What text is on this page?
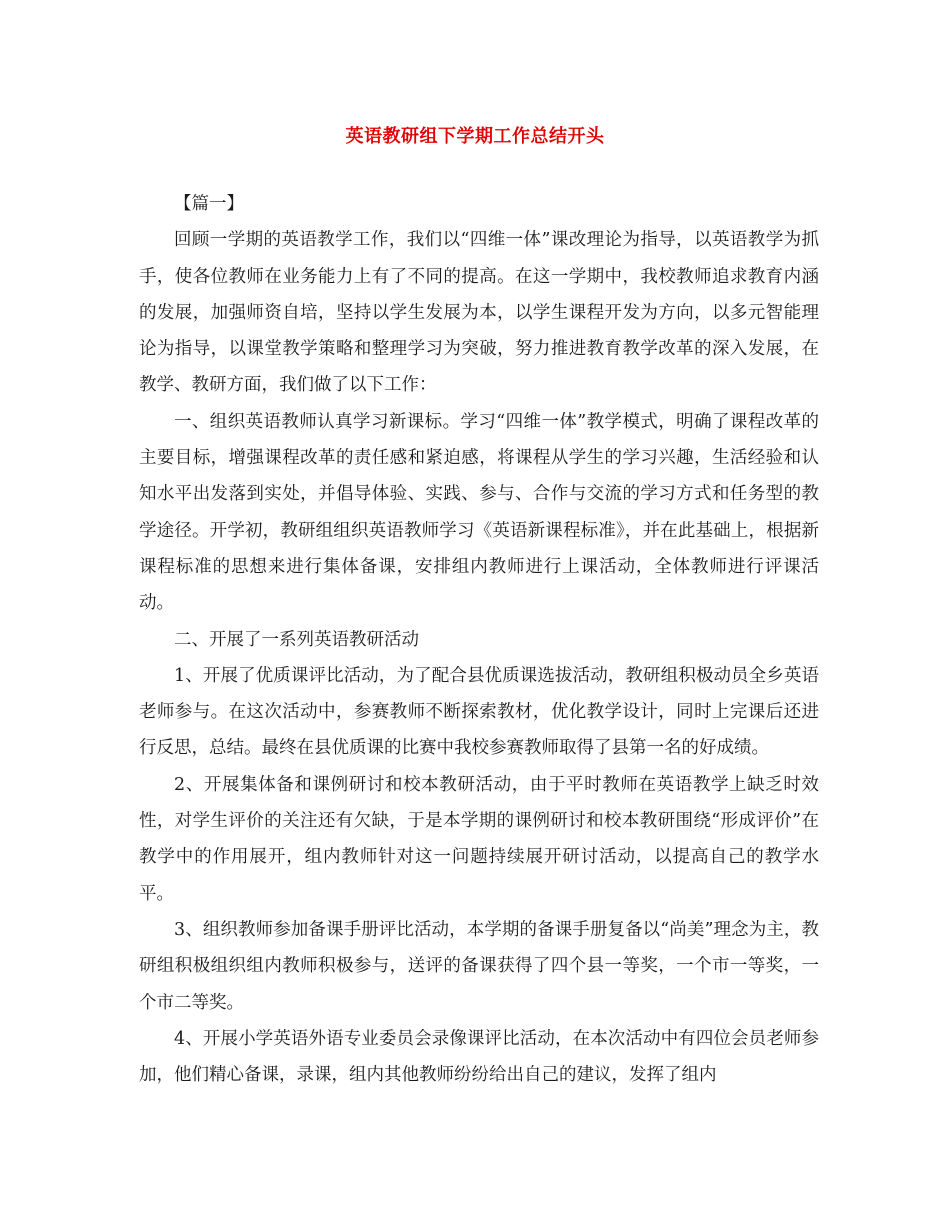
英语教研组下学期工作总结开头

【篇一】

回顾一学期的英语教学工作，我们以“四维一体”课改理论为指导，以英语教学为抓手，使各位教师在业务能力上有了不同的提高。在这一学期中，我校教师追求教育内涵的发展，加强师资自培，坚持以学生发展为本，以学生课程开发为方向，以多元智能理论为指导，以课堂教学策略和整理学习为突破，努力推进教育教学改革的深入发展，在教学、教研方面，我们做了以下工作：

一、组织英语教师认真学习新课标。学习“四维一体”教学模式，明确了课程改革的主要目标，增强课程改革的责任感和紧迫感，将课程从学生的学习兴趣，生活经验和认知水平出发落到实处，并倡导体验、实践、参与、合作与交流的学习方式和任务型的教学途径。开学初，教研组组织英语教师学习《英语新课程标准》，并在此基础上，根据新课程标准的思想来进行集体备课，安排组内教师进行上课活动，全体教师进行评课活动。

二、开展了一系列英语教研活动

1、开展了优质课评比活动，为了配合县优质课选拔活动，教研组积极动员全乡英语老师参与。在这次活动中，参赛教师不断探索教材，优化教学设计，同时上完课后还进行反思，总结。最终在县优质课的比赛中我校参赛教师取得了县第一名的好成绩。

2、开展集体备和课例研讨和校本教研活动，由于平时教师在英语教学上缺乏时效性，对学生评价的关注还有欠缺，于是本学期的课例研讨和校本教研围绕“形成评价”在教学中的作用展开，组内教师针对这一问题持续展开研讨活动，以提高自己的教学水平。

3、组织教师参加备课手册评比活动，本学期的备课手册复备以“尚美”理念为主，教研组积极组织组内教师积极参与，送评的备课获得了四个县一等奖，一个市一等奖，一个市二等奖。

4、开展小学英语外语专业委员会录像课评比活动，在本次活动中有四位会员老师参加，他们精心备课，录课，组内其他教师纷纷给出自己的建议，发挥了组内
